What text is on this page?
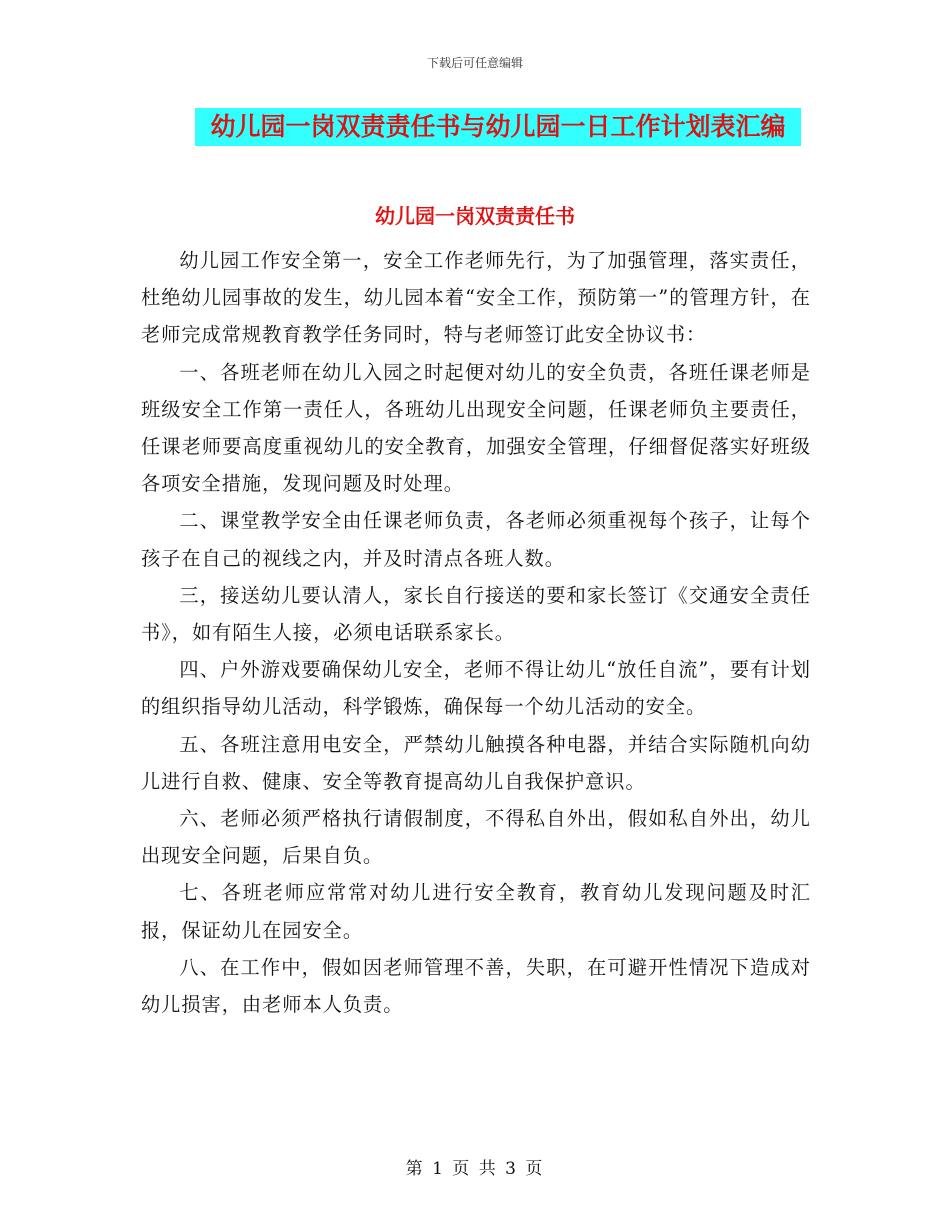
下载后可任意编辑
幼儿园一岗双责责任书与幼儿园一日工作计划表汇编
幼儿园一岗双责责任书

幼儿园工作安全第一，安全工作老师先行，为了加强管理，落实责任，杜绝幼儿园事故的发生，幼儿园本着“安全工作，预防第一”的管理方针，在老师完成常规教育教学任务同时，特与老师签订此安全协议书：

一、各班老师在幼儿入园之时起便对幼儿的安全负责，各班任课老师是班级安全工作第一责任人，各班幼儿出现安全问题，任课老师负主要责任，任课老师要高度重视幼儿的安全教育，加强安全管理，仔细督促落实好班级各项安全措施，发现问题及时处理。

二、课堂教学安全由任课老师负责，各老师必须重视每个孩子，让每个孩子在自己的视线之内，并及时清点各班人数。

三，接送幼儿要认清人，家长自行接送的要和家长签订《交通安全责任书》，如有陌生人接，必须电话联系家长。

四、户外游戏要确保幼儿安全，老师不得让幼儿“放任自流”，要有计划的组织指导幼儿活动，科学锻炼，确保每一个幼儿活动的安全。

五、各班注意用电安全，严禁幼儿触摸各种电器，并结合实际随机向幼儿进行自救、健康、安全等教育提高幼儿自我保护意识。

六、老师必须严格执行请假制度，不得私自外出，假如私自外出，幼儿出现安全问题，后果自负。

七、各班老师应常常对幼儿进行安全教育，教育幼儿发现问题及时汇报，保证幼儿在园安全。

八、在工作中，假如因老师管理不善，失职，在可避开性情况下造成对幼儿损害，由老师本人负责。

第 1 页 共 3 页
